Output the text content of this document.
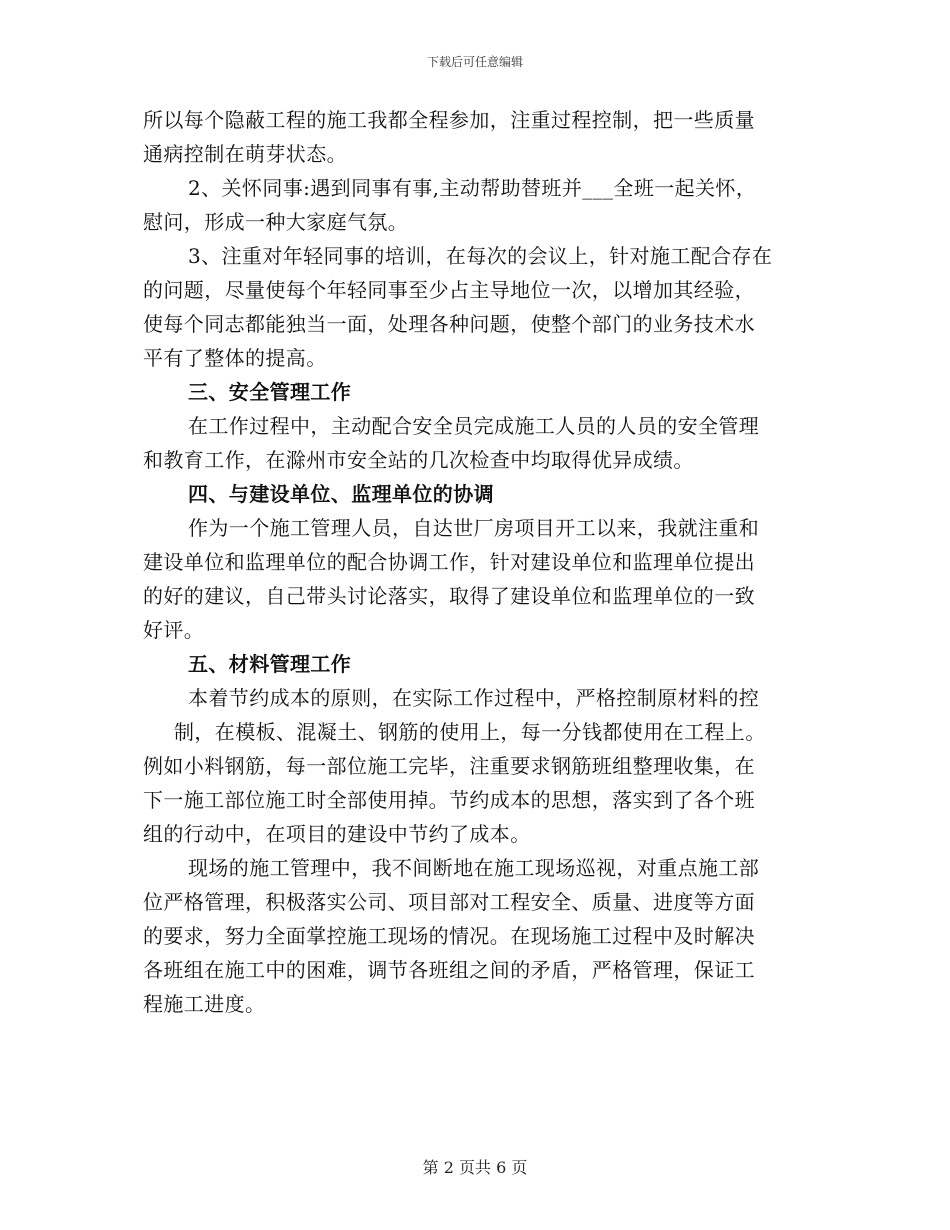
下载后可任意编辑
所以每个隐蔽工程的施工我都全程参加，注重过程控制，把一些质量
通病控制在萌芽状态。
2、关怀同事:遇到同事有事,主动帮助替班并___全班一起关怀，
慰问，形成一种大家庭气氛。
3、注重对年轻同事的培训，在每次的会议上，针对施工配合存在
的问题，尽量使每个年轻同事至少占主导地位一次，以增加其经验，
使每个同志都能独当一面，处理各种问题，使整个部门的业务技术水
平有了整体的提高。
三、安全管理工作
在工作过程中，主动配合安全员完成施工人员的人员的安全管理
和教育工作，在滁州市安全站的几次检查中均取得优异成绩。
四、与建设单位、监理单位的协调
作为一个施工管理人员，自达世厂房项目开工以来，我就注重和
建设单位和监理单位的配合协调工作，针对建设单位和监理单位提出
的好的建议，自己带头讨论落实，取得了建设单位和监理单位的一致
好评。
五、材料管理工作
本着节约成本的原则，在实际工作过程中，严格控制原材料的控
制，在模板、混凝土、钢筋的使用上，每一分钱都使用在工程上。
例如小料钢筋，每一部位施工完毕，注重要求钢筋班组整理收集，在
下一施工部位施工时全部使用掉。节约成本的思想，落实到了各个班
组的行动中，在项目的建设中节约了成本。
现场的施工管理中，我不间断地在施工现场巡视，对重点施工部
位严格管理，积极落实公司、项目部对工程安全、质量、进度等方面
的要求，努力全面掌控施工现场的情况。在现场施工过程中及时解决
各班组在施工中的困难，调节各班组之间的矛盾，严格管理，保证工
程施工进度。
第 2 页共 6 页
